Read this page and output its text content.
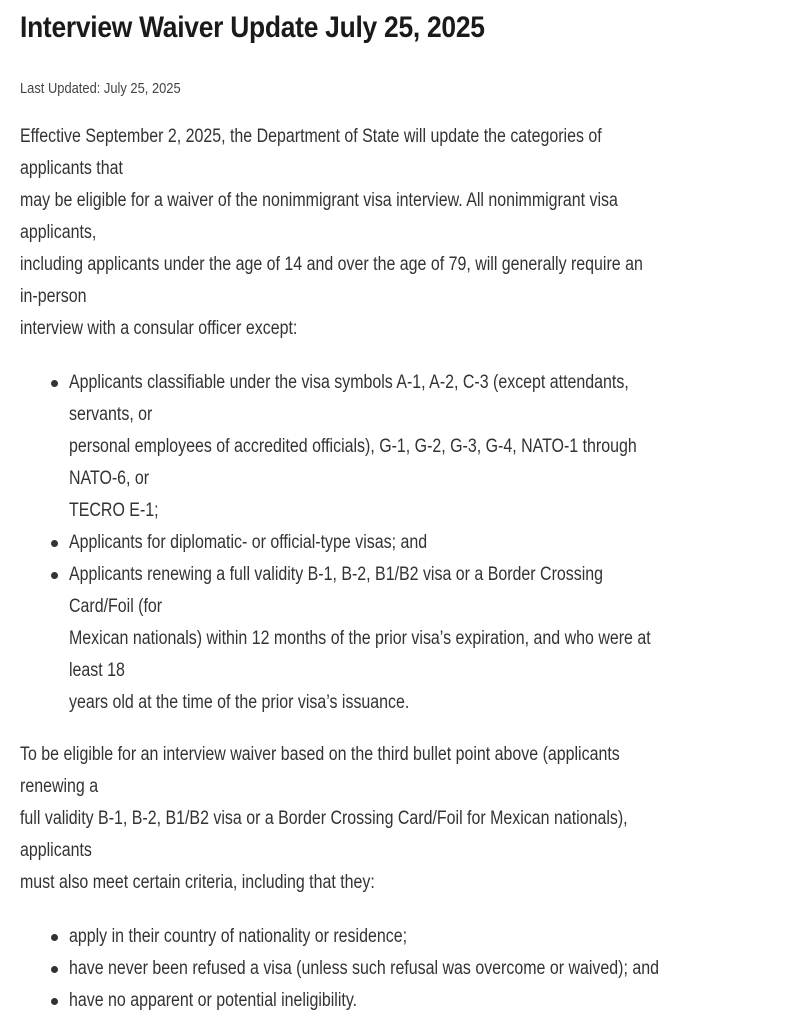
Interview Waiver Update July 25, 2025

Last Updated: July 25, 2025

Effective September 2, 2025, the Department of State will update the categories of applicants that
may be eligible for a waiver of the nonimmigrant visa interview. All nonimmigrant visa applicants,
including applicants under the age of 14 and over the age of 79, will generally require an in-person
interview with a consular officer except:

Applicants classifiable under the visa symbols A-1, A-2, C-3 (except attendants, servants, or
personal employees of accredited officials), G-1, G-2, G-3, G-4, NATO-1 through NATO-6, or
TECRO E-1;
Applicants for diplomatic- or official-type visas; and
Applicants renewing a full validity B-1, B-2, B1/B2 visa or a Border Crossing Card/Foil (for
Mexican nationals) within 12 months of the prior visa’s expiration, and who were at least 18
years old at the time of the prior visa’s issuance.

To be eligible for an interview waiver based on the third bullet point above (applicants renewing a
full validity B-1, B-2, B1/B2 visa or a Border Crossing Card/Foil for Mexican nationals), applicants
must also meet certain criteria, including that they:

apply in their country of nationality or residence;
have never been refused a visa (unless such refusal was overcome or waived); and
have no apparent or potential ineligibility.
